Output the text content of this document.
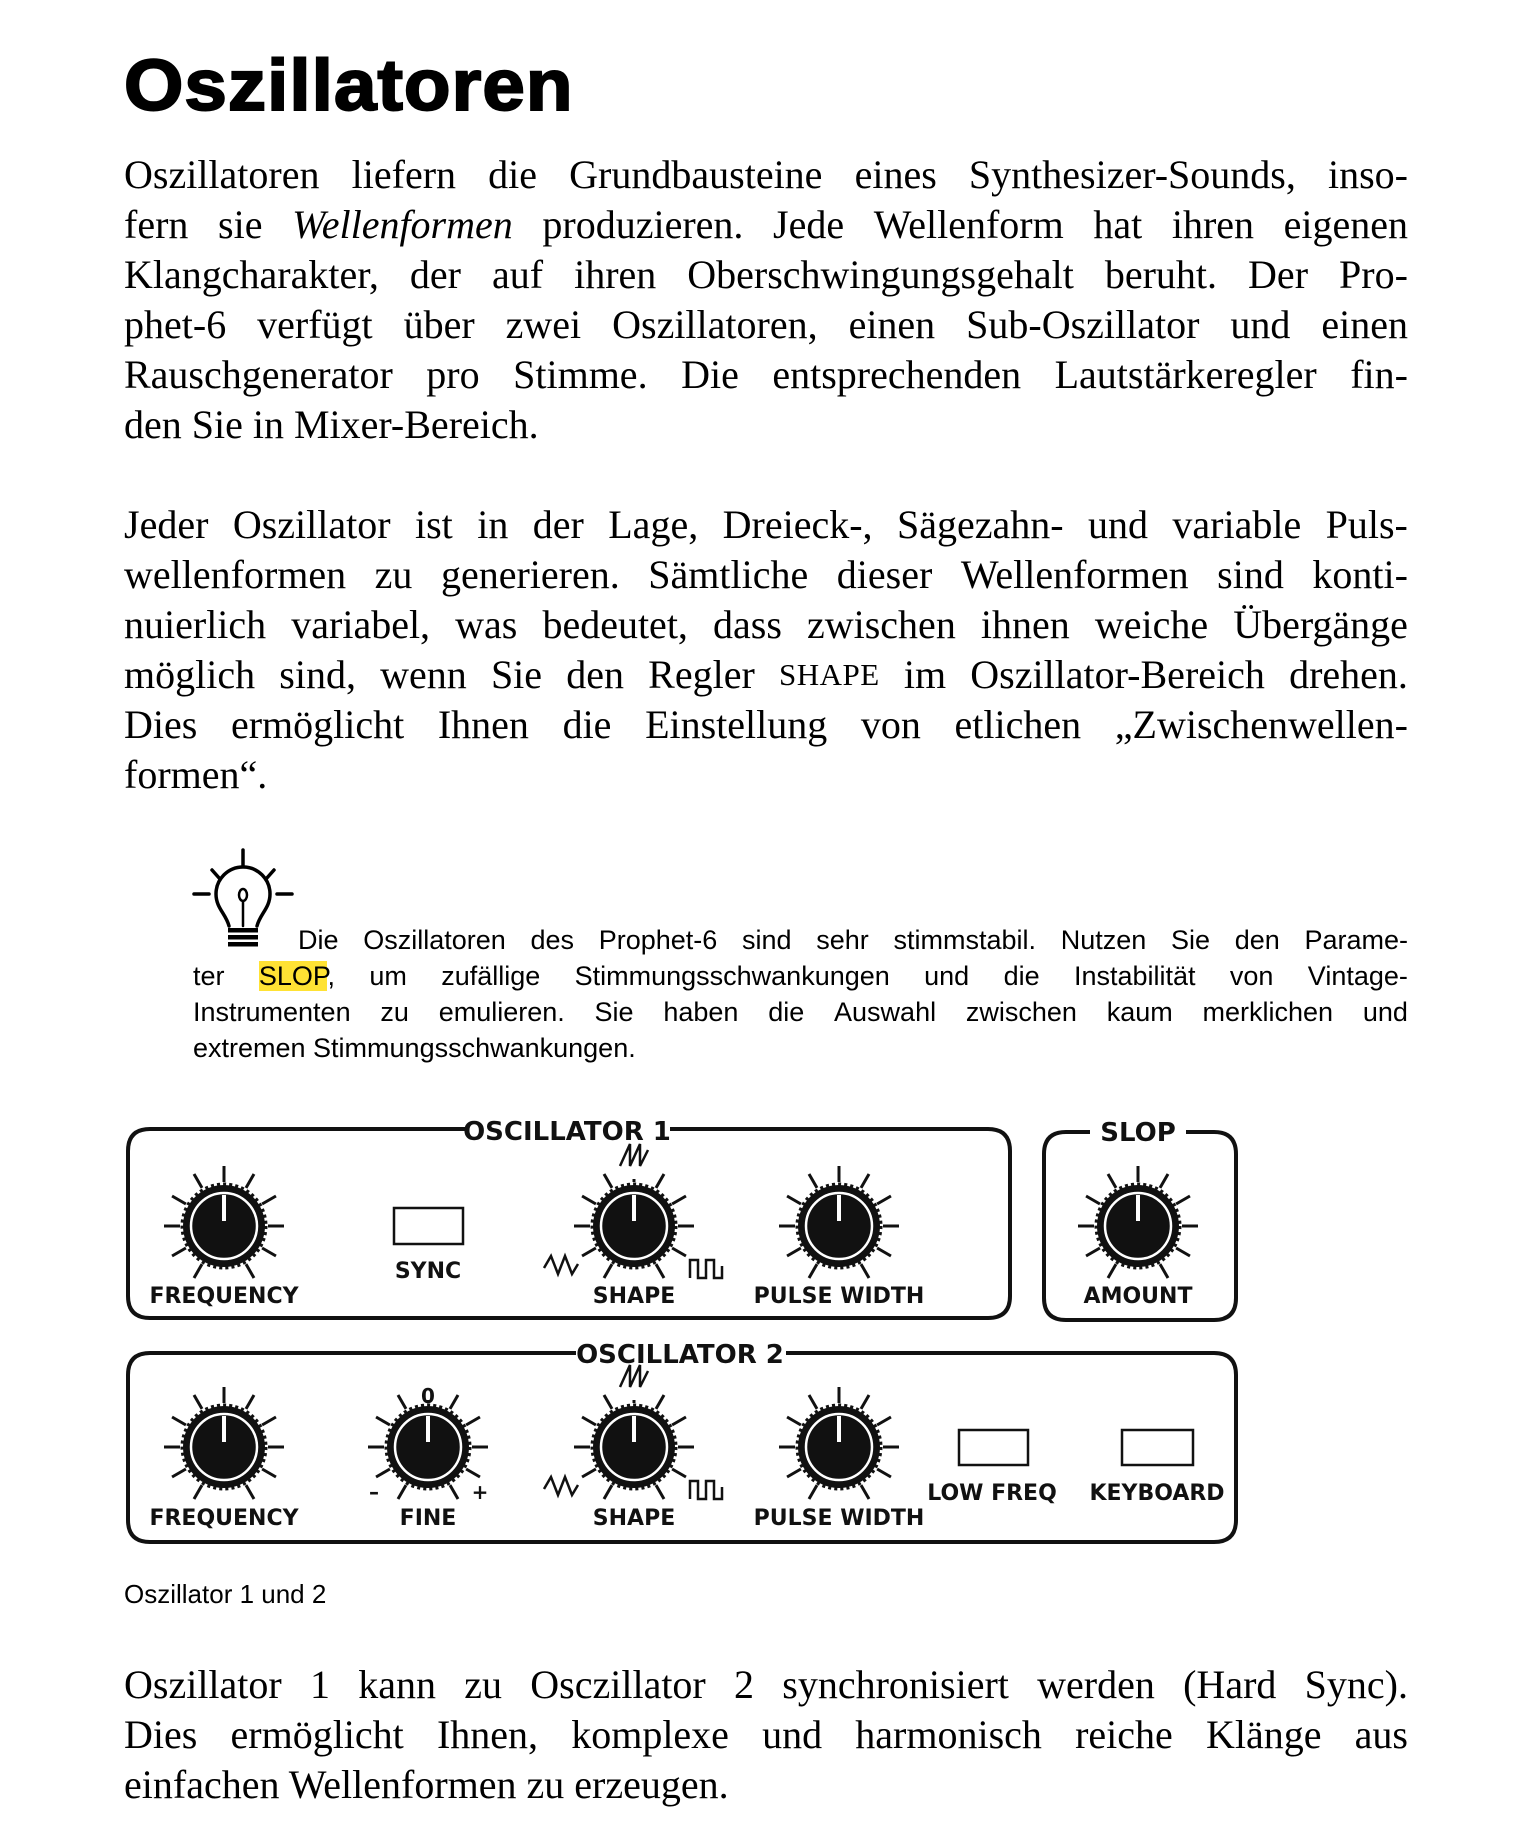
Oszillatoren
Oszillatoren liefern die Grundbausteine eines Synthesizer-Sounds, inso-
fern sie Wellenformen produzieren. Jede Wellenform hat ihren eigenen
Klangcharakter, der auf ihren Oberschwingungsgehalt beruht. Der Pro-
phet-6 verfügt über zwei Oszillatoren, einen Sub-Oszillator und einen
Rauschgenerator pro Stimme. Die entsprechenden Lautstärkeregler fin-
den Sie in Mixer-Bereich.
Jeder Oszillator ist in der Lage, Dreieck-, Sägezahn- und variable Puls-
wellenformen zu generieren. Sämtliche dieser Wellenformen sind konti-
nuierlich variabel, was bedeutet, dass zwischen ihnen weiche Übergänge
möglich sind, wenn Sie den Regler SHAPE im Oszillator-Bereich drehen.
Dies ermöglicht Ihnen die Einstellung von etlichen „Zwischenwellen-
formen“.
Die Oszillatoren des Prophet-6 sind sehr stimmstabil. Nutzen Sie den Parame-
ter SLOP, um zufällige Stimmungsschwankungen und die Instabilität von Vintage-
Instrumenten zu emulieren. Sie haben die Auswahl zwischen kaum merklichen und
extremen Stimmungsschwankungen.
OSCILLATOR 1	SLOP
OSCILLATOR 2
FREQUENCY
SYNC
SHAPE	PULSE WIDTH	AMOUNT
FREQUENCY
0
–	+
FINE	SHAPE	PULSE WIDTH
LOW FREQ KEYBOARD

Oszillator 1 und 2

Oszillator 1 kann zu Osczillator 2 synchronisiert werden (Hard Sync).
Dies ermöglicht Ihnen, komplexe und harmonisch reiche Klänge aus
einfachen Wellenformen zu erzeugen.
